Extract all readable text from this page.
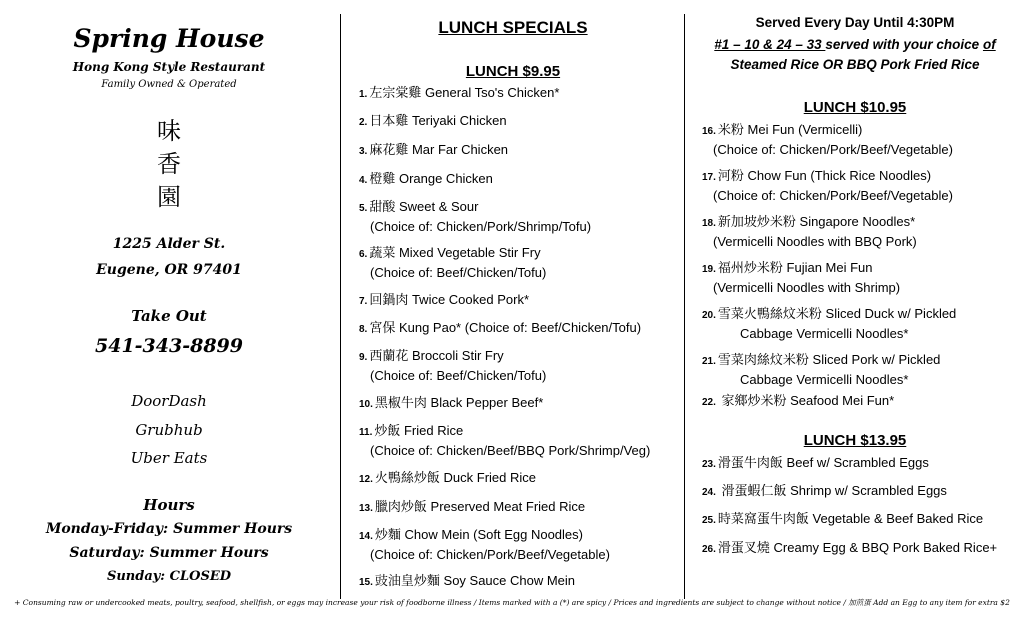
Spring House
Hong Kong Style Restaurant
Family Owned & Operated
味
香
園
1225 Alder St.
Eugene, OR 97401
Take Out
541-343-8899
DoorDash
Grubhub
Uber Eats
Hours
Monday-Friday: Summer Hours
Saturday: Summer Hours
Sunday: CLOSED
LUNCH SPECIALS
LUNCH $9.95
1. 左宗棠雞 General Tso's Chicken*
2. 日本雞 Teriyaki Chicken
3. 麻花雞 Mar Far Chicken
4. 橙雞 Orange Chicken
5. 甜酸 Sweet & Sour
(Choice of: Chicken/Pork/Shrimp/Tofu)
6. 蔬菜 Mixed Vegetable Stir Fry
(Choice of: Beef/Chicken/Tofu)
7. 回鍋肉 Twice Cooked Pork*
8. 宮保 Kung Pao* (Choice of: Beef/Chicken/Tofu)
9. 西蘭花 Broccoli Stir Fry
(Choice of: Beef/Chicken/Tofu)
10. 黑椒牛肉 Black Pepper Beef*
11. 炒飯 Fried Rice
(Choice of: Chicken/Beef/BBQ Pork/Shrimp/Veg)
12. 火鴨絲炒飯 Duck Fried Rice
13. 臘肉炒飯 Preserved Meat Fried Rice
14. 炒麵 Chow Mein (Soft Egg Noodles)
(Choice of: Chicken/Pork/Beef/Vegetable)
15. 豉油皇炒麵 Soy Sauce Chow Mein
Served Every Day Until 4:30PM
#1 – 10 & 24 – 33 served with your choice of
Steamed Rice OR BBQ Pork Fried Rice
LUNCH $10.95
LUNCH $13.95
16. 米粉 Mei Fun (Vermicelli)
(Choice of: Chicken/Pork/Beef/Vegetable)
17. 河粉 Chow Fun (Thick Rice Noodles)
(Choice of: Chicken/Pork/Beef/Vegetable)
18. 新加坡炒米粉 Singapore Noodles*
(Vermicelli Noodles with BBQ Pork)
19. 福州炒米粉 Fujian Mei Fun
(Vermicelli Noodles with Shrimp)
20. 雪菜火鴨絲炆米粉 Sliced Duck w/ Pickled
Cabbage Vermicelli Noodles*
21. 雪菜肉絲炆米粉 Sliced Pork w/ Pickled
Cabbage Vermicelli Noodles*
22. 家鄉炒米粉 Seafood Mei Fun*
23. 滑蛋牛肉飯 Beef w/ Scrambled Eggs
24. 滑蛋蝦仁飯 Shrimp w/ Scrambled Eggs
25. 時菜窩蛋牛肉飯 Vegetable & Beef Baked Rice
26. 滑蛋叉燒 Creamy Egg & BBQ Pork Baked Rice+
+ Consuming raw or undercooked meats, poultry, seafood, shellfish, or eggs may increase your risk of foodborne illness / Items marked with a (*) are spicy / Prices and ingredients are subject to change without notice / 加煎蛋 Add an Egg to any item for extra $2
